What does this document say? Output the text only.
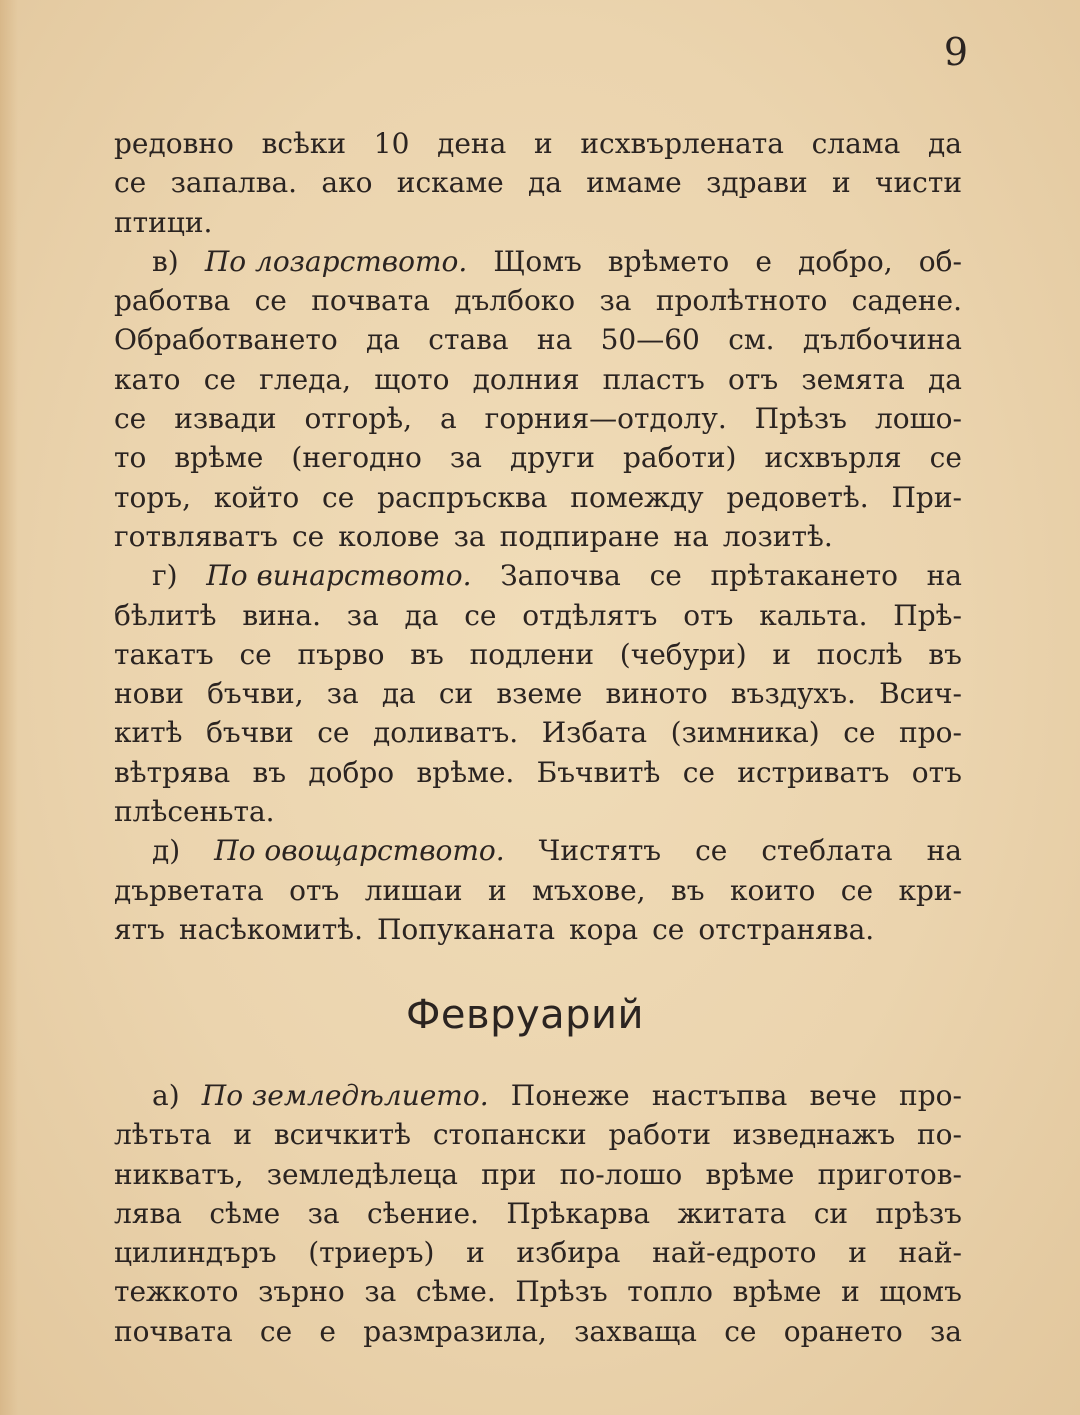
9
редовно всѣки 10 дена и исхвърлената слама да
се запалва. ако искаме да имаме здрави и чисти
птици.
в) По лозарството. Щомъ врѣмето е добро, об-
работва се почвата дълбоко за пролѣтното садене.
Обработването да става на 50—60 см. дълбочина
като се гледа, щото долния пластъ отъ земята да
се извади отгорѣ, а горния—отдолу. Прѣзъ лошо-
то врѣме (негодно за други работи) исхвърля се
торъ, който се распръсква помежду редоветѣ. При-
готвляватъ се колове за подпиране на лозитѣ.
г) По винарството. Започва се прѣтакането на
бѣлитѣ вина. за да се отдѣлятъ отъ кальта. Прѣ-
такатъ се първо въ подлени (чебури) и послѣ въ
нови бъчви, за да си вземе виното въздухъ. Всич-
китѣ бъчви се доливатъ. Избата (зимника) се про-
вѣтрява въ добро врѣме. Бъчвитѣ се истриватъ отъ
плѣсеньта.
д) По овощарството. Чистятъ се стеблата на
дърветата отъ лишаи и мъхове, въ които се кри-
ятъ насѣкомитѣ. Попуканата кора се отстранява.
Февруарий
а) По земледѣлието. Понеже настъпва вече про-
лѣтьта и всичкитѣ стопански работи изведнажъ по-
никватъ, земледѣлеца при по-лошо врѣме приготов-
лява сѣме за сѣение. Прѣкарва житата си прѣзъ
цилиндъръ (триеръ) и избира най-едрото и най-
тежкото зърно за сѣме. Прѣзъ топло врѣме и щомъ
почвата се е размразила, захваща се орането за
